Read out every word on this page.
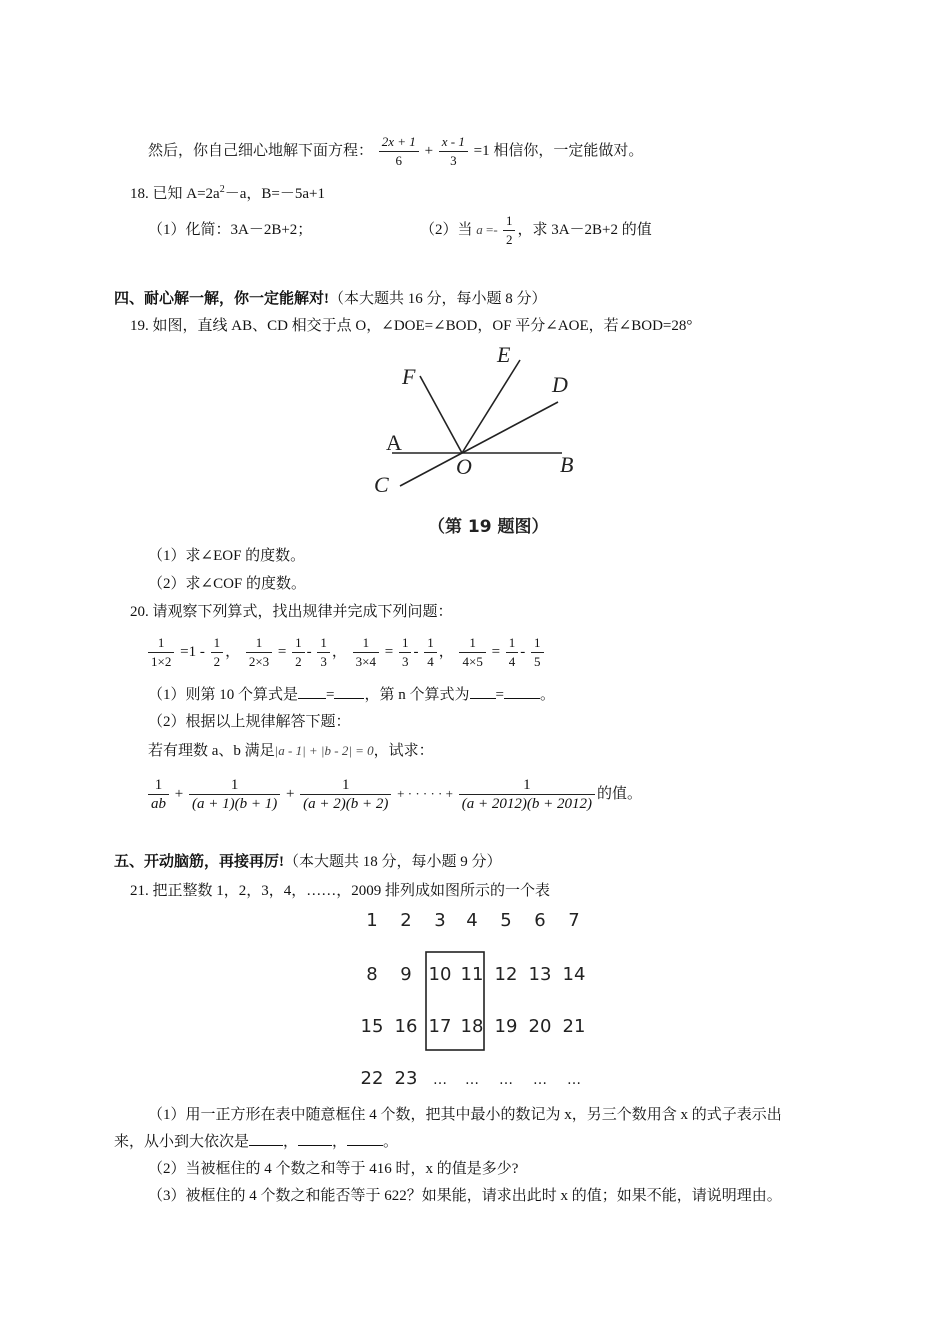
然后，你自己细心地解下面方程： $\frac{2x + 1}{6} + \frac{x - 1}{3} =1$ 相信你，一定能做对。
18. 已知 $A=2a^2-a$，B=－5a+1
（1）化简：3A－2B+2；	（2）当 $a =- \frac{1}{2}$ ，求 3A－2B+2 的值
四、耐心解一解，你一定能解对!（本大题共 16 分，每小题 8 分）
19. 如图，直线 AB、CD 相交于点 O，∠DOE=∠BOD，OF 平分∠AOE，若∠BOD=28°
E
F	D
A
O	B
C
（第 19 题图）
（1）求∠EOF 的度数。
（2）求∠COF 的度数。
20. 请观察下列算式，找出规律并完成下列问题：
$\frac{1}{1\times 2} =1 - \frac{1}{2}$ ， $\frac{1}{2\times 3} = \frac{1}{2} - \frac{1}{3}$ ， $\frac{1}{3\times 4} = \frac{1}{3} - \frac{1}{4}$ ， $\frac{1}{4\times 5} = \frac{1}{4} - \frac{1}{5}$
（1）则第 10 个算式是 = ，第 n 个算式为 = 。
（2）根据以上规律解答下题：
若有理数 a、b 满足|a - 1| + |b - 2| = 0，试求：
$\frac{1}{ab} + \frac{1}{(a + 1)(b + 1)} + \frac{1}{(a + 2)(b + 2)}$ + · · · · · + $\frac{1}{(a + 2012)(b + 2012)}$ 的值。
五、开动脑筋，再接再厉!（本大题共 18 分，每小题 9 分）
21. 把正整数 1，2，3，4，……，2009 排列成如图所示的一个表
1 2 3 4 5 6 7
8 9 10 11 12 13 14
15 16 17 18 19 20 21
22 23 … … … … …
（1）用一正方形在表中随意框住 4 个数，把其中最小的数记为 x，另三个数用含 x 的式子表示出
来，从小到大依次是 ， ， 。
（2）当被框住的 4 个数之和等于 416 时，x 的值是多少?
（3）被框住的 4 个数之和能否等于 622？如果能，请求出此时 x 的值；如果不能，请说明理由。
